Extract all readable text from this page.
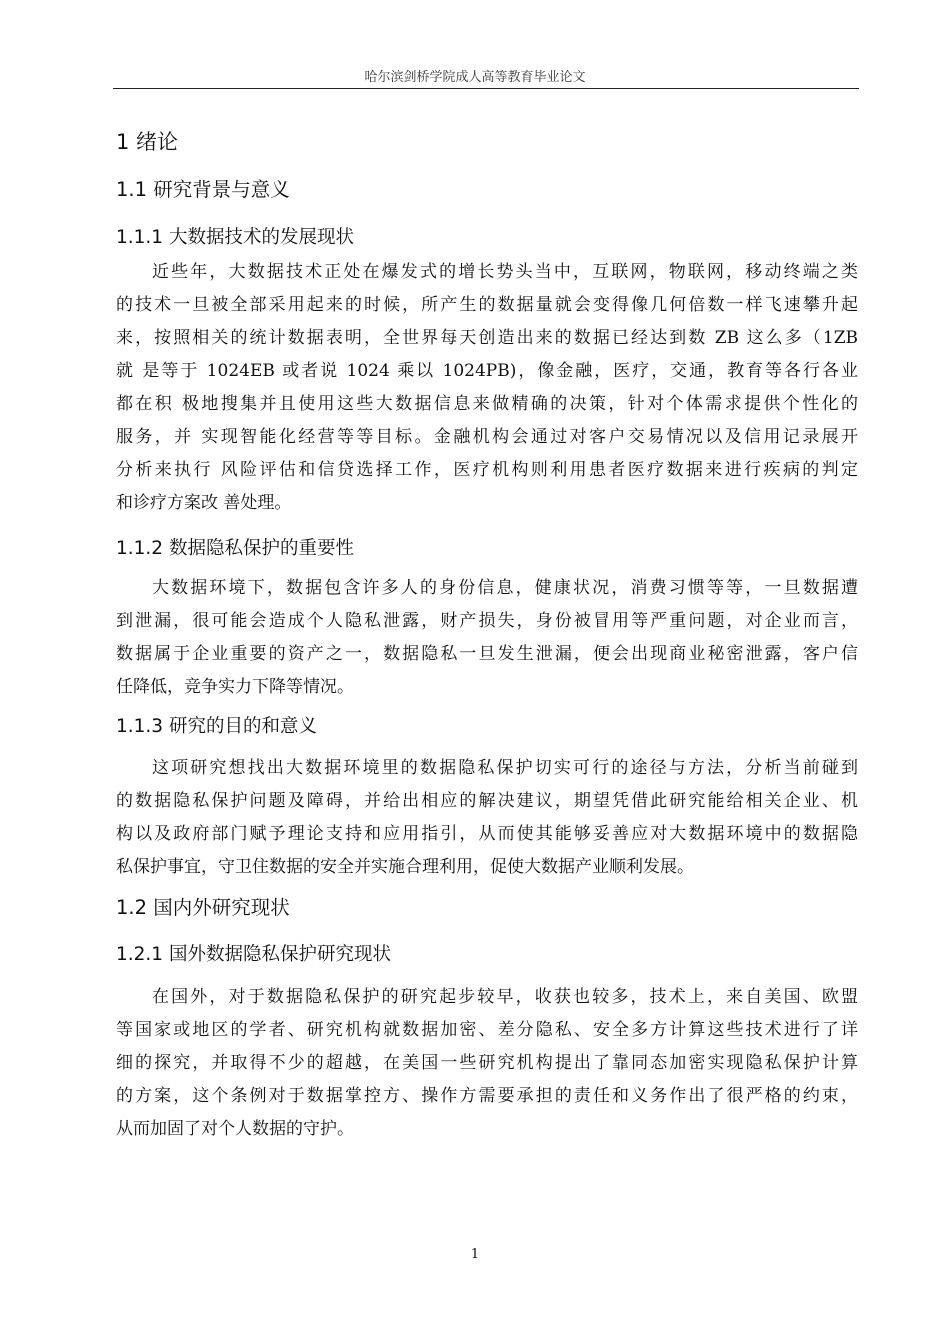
哈尔滨剑桥学院成人高等教育毕业论文
1 绪论
1.1 研究背景与意义
1.1.1 大数据技术的发展现状
近些年，大数据技术正处在爆发式的增长势头当中，互联网，物联网，移动终端之类
的技术一旦被全部采用起来的时候，所产生的数据量就会变得像几何倍数一样飞速攀升起
来，按照相关的统计数据表明，全世界每天创造出来的数据已经达到数 ZB 这么多（1ZB
就 是等于 1024EB 或者说 1024 乘以 1024PB)，像金融，医疗，交通，教育等各行各业
都在积 极地搜集并且使用这些大数据信息来做精确的决策，针对个体需求提供个性化的
服务，并 实现智能化经营等等目标。金融机构会通过对客户交易情况以及信用记录展开
分析来执行 风险评估和信贷选择工作，医疗机构则利用患者医疗数据来进行疾病的判定
和诊疗方案改 善处理。
1.1.2 数据隐私保护的重要性
大数据环境下，数据包含许多人的身份信息，健康状况，消费习惯等等，一旦数据遭
到泄漏，很可能会造成个人隐私泄露，财产损失，身份被冒用等严重问题，对企业而言，
数据属于企业重要的资产之一，数据隐私一旦发生泄漏，便会出现商业秘密泄露，客户信
任降低，竞争实力下降等情况。
1.1.3 研究的目的和意义
这项研究想找出大数据环境里的数据隐私保护切实可行的途径与方法，分析当前碰到
的数据隐私保护问题及障碍，并给出相应的解决建议，期望凭借此研究能给相关企业、机
构以及政府部门赋予理论支持和应用指引，从而使其能够妥善应对大数据环境中的数据隐
私保护事宜，守卫住数据的安全并实施合理利用，促使大数据产业顺利发展。
1.2 国内外研究现状
1.2.1 国外数据隐私保护研究现状
在国外，对于数据隐私保护的研究起步较早，收获也较多，技术上，来自美国、欧盟
等国家或地区的学者、研究机构就数据加密、差分隐私、安全多方计算这些技术进行了详
细的探究，并取得不少的超越，在美国一些研究机构提出了靠同态加密实现隐私保护计算
的方案，这个条例对于数据掌控方、操作方需要承担的责任和义务作出了很严格的约束，
从而加固了对个人数据的守护。
1
